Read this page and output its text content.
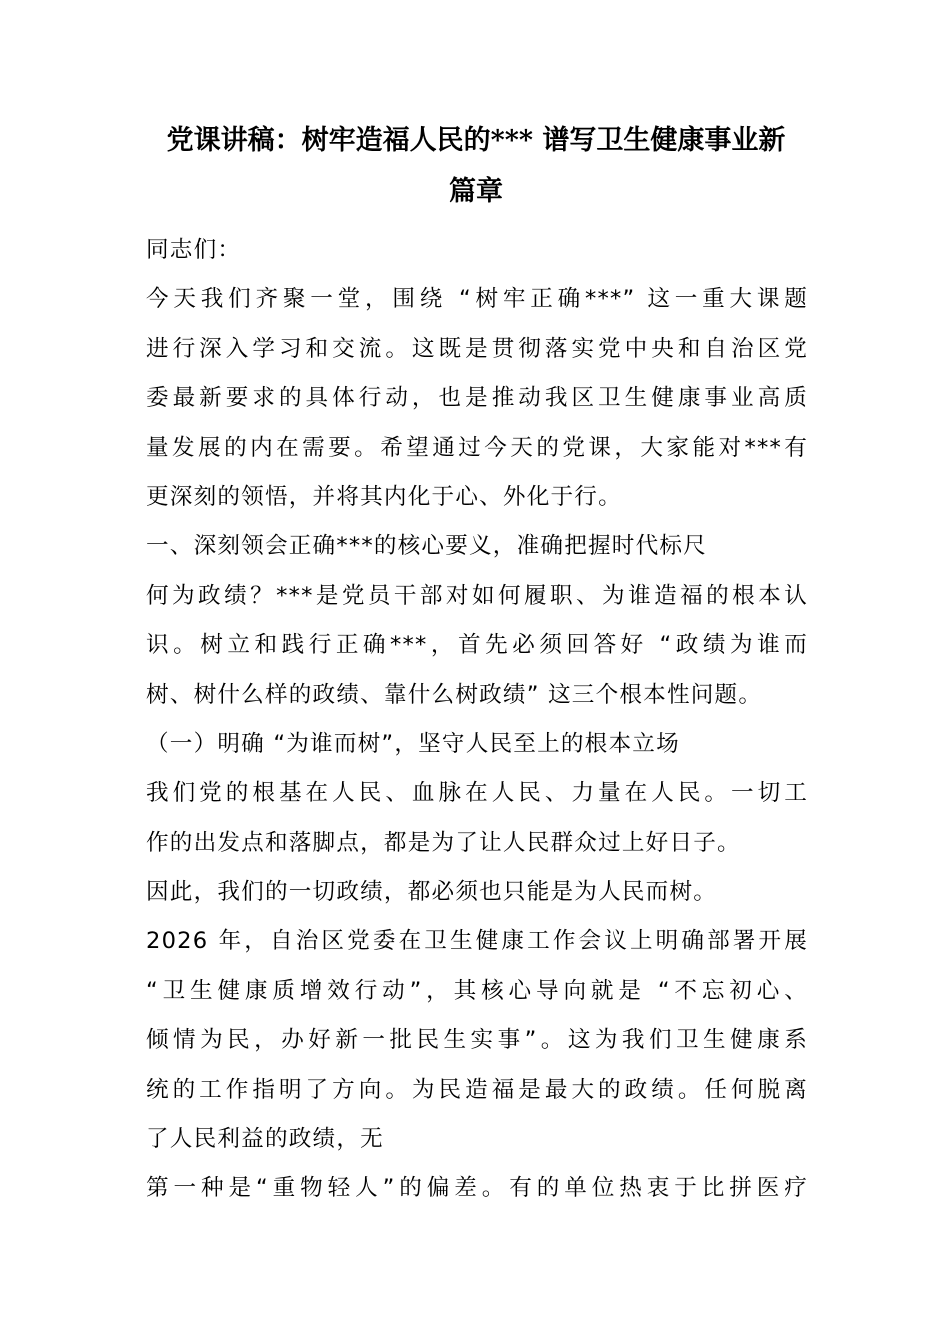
党课讲稿：树牢造福人民的*** 谱写卫生健康事业新
篇章
同志们：
今天我们齐聚一堂，围绕 “树牢正确***” 这一重大课题
进行深入学习和交流。这既是贯彻落实党中央和自治区党
委最新要求的具体行动，也是推动我区卫生健康事业高质
量发展的内在需要。希望通过今天的党课，大家能对***有
更深刻的领悟，并将其内化于心、外化于行。
一、深刻领会正确***的核心要义，准确把握时代标尺
何为政绩？***是党员干部对如何履职、为谁造福的根本认
识。树立和践行正确***，首先必须回答好 “政绩为谁而
树、树什么样的政绩、靠什么树政绩” 这三个根本性问题。
（一）明确 “为谁而树”，坚守人民至上的根本立场
我们党的根基在人民、血脉在人民、力量在人民。一切工
作的出发点和落脚点，都是为了让人民群众过上好日子。
因此，我们的一切政绩，都必须也只能是为人民而树。
2026 年，自治区党委在卫生健康工作会议上明确部署开展
“卫生健康质增效行动”，其核心导向就是 “不忘初心、
倾情为民，办好新一批民生实事”。这为我们卫生健康系
统的工作指明了方向。为民造福是最大的政绩。任何脱离
了人民利益的政绩，无
第一种是“重物轻人”的偏差。有的单位热衷于比拼医疗
